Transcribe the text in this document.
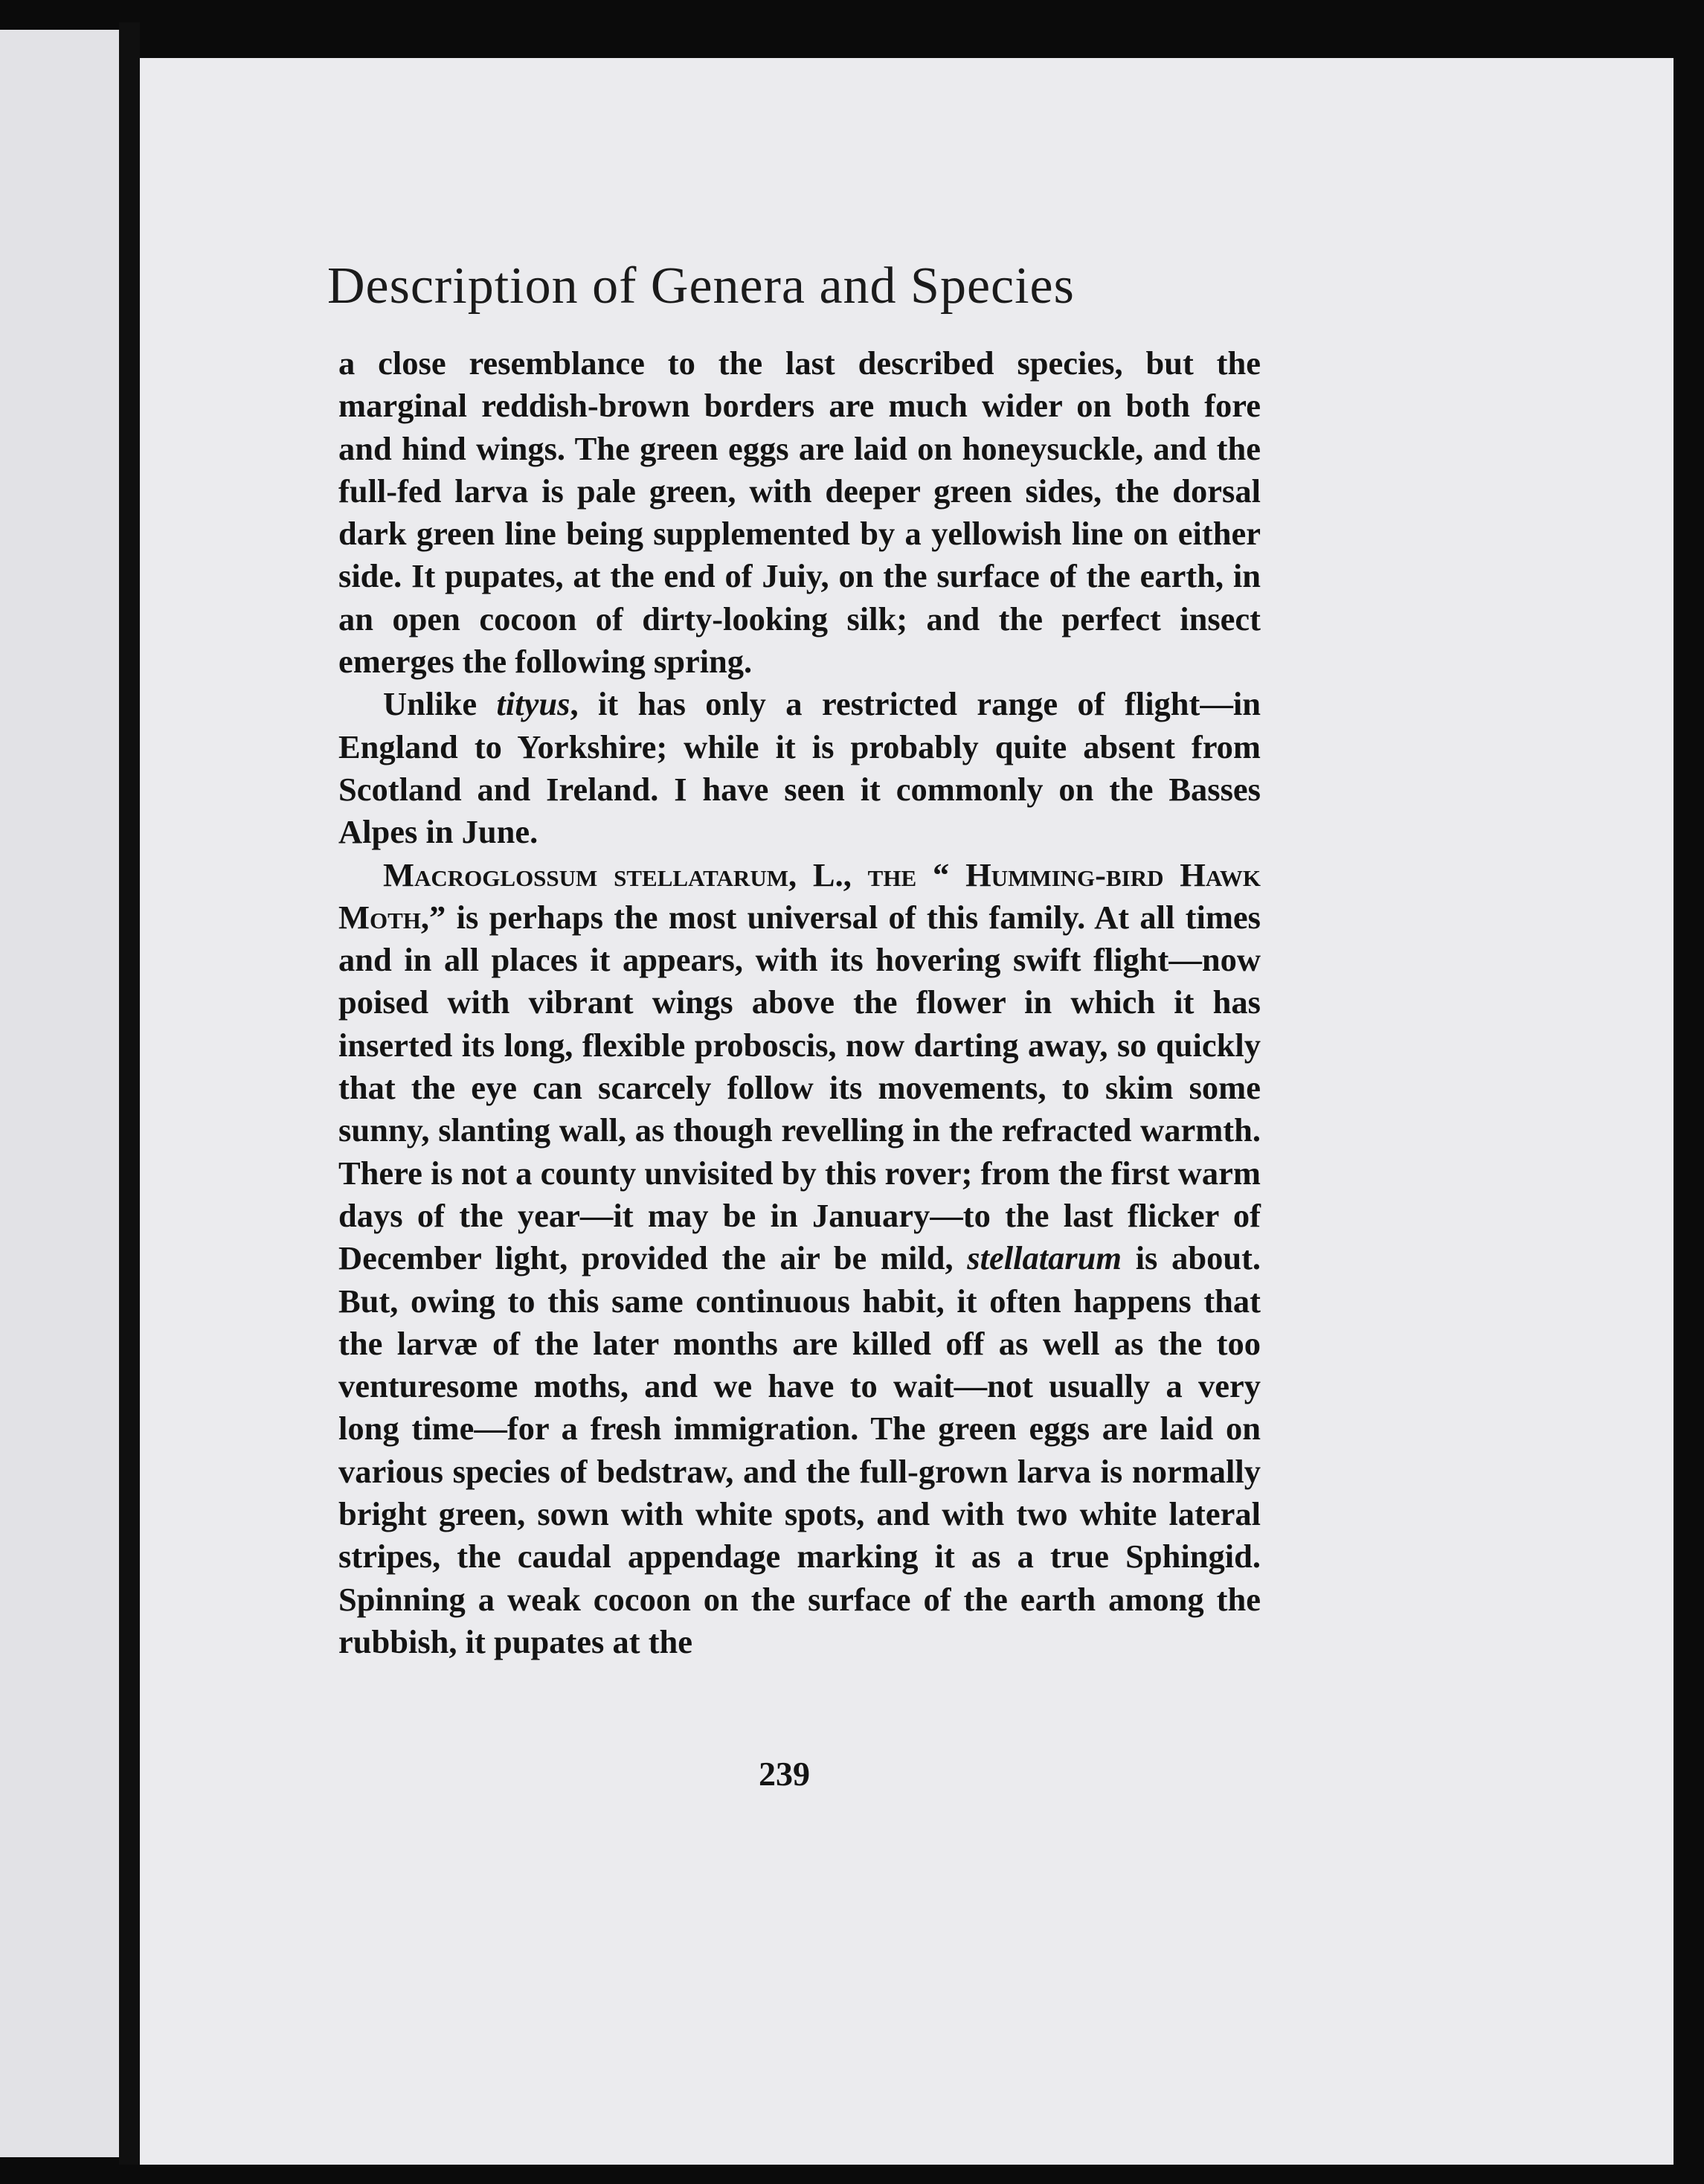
Description of Genera and Species

a close resemblance to the last described species, but the marginal reddish-brown borders are much wider on both fore and hind wings. The green eggs are laid on honeysuckle, and the full-fed larva is pale green, with deeper green sides, the dorsal dark green line being supplemented by a yellowish line on either side. It pupates, at the end of Juiy, on the surface of the earth, in an open cocoon of dirty-looking silk; and the perfect insect emerges the following spring.

Unlike tityus, it has only a restricted range of flight—in England to Yorkshire; while it is probably quite absent from Scotland and Ireland. I have seen it commonly on the Basses Alpes in June.

Macroglossum stellatarum, L., the “ Humming-bird Hawk Moth,” is perhaps the most universal of this family. At all times and in all places it appears, with its hovering swift flight—now poised with vibrant wings above the flower in which it has inserted its long, flexible proboscis, now darting away, so quickly that the eye can scarcely follow its movements, to skim some sunny, slanting wall, as though revelling in the refracted warmth. There is not a county unvisited by this rover; from the first warm days of the year—it may be in January—to the last flicker of December light, provided the air be mild, stellatarum is about. But, owing to this same continuous habit, it often happens that the larvæ of the later months are killed off as well as the too venturesome moths, and we have to wait—not usually a very long time—for a fresh immigration. The green eggs are laid on various species of bedstraw, and the full-grown larva is normally bright green, sown with white spots, and with two white lateral stripes, the caudal appendage marking it as a true Sphingid. Spinning a weak cocoon on the surface of the earth among the rubbish, it pupates at the

239
